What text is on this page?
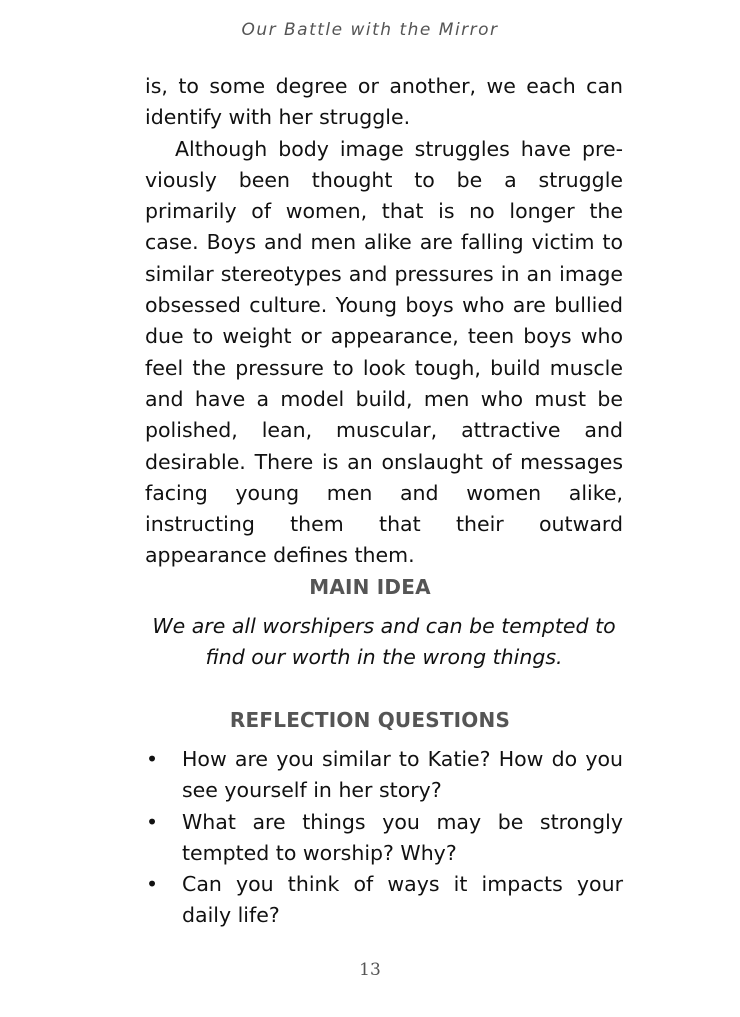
Our Battle with the Mirror

is, to some degree or another, we each can identify with her struggle.

Although body image struggles have previously been thought to be a struggle primarily of women, that is no longer the case. Boys and men alike are falling victim to similar stereotypes and pressures in an image obsessed culture. Young boys who are bullied due to weight or appearance, teen boys who feel the pressure to look tough, build muscle and have a model build, men who must be polished, lean, muscular, attractive and desirable. There is an onslaught of messages facing young men and women alike, instructing them that their outward appearance defines them.

MAIN IDEA
We are all worshipers and can be tempted to find our worth in the wrong things.
REFLECTION QUESTIONS
• How are you similar to Katie? How do you see yourself in her story?
• What are things you may be strongly tempted to worship? Why?
• Can you think of ways it impacts your daily life?
13
